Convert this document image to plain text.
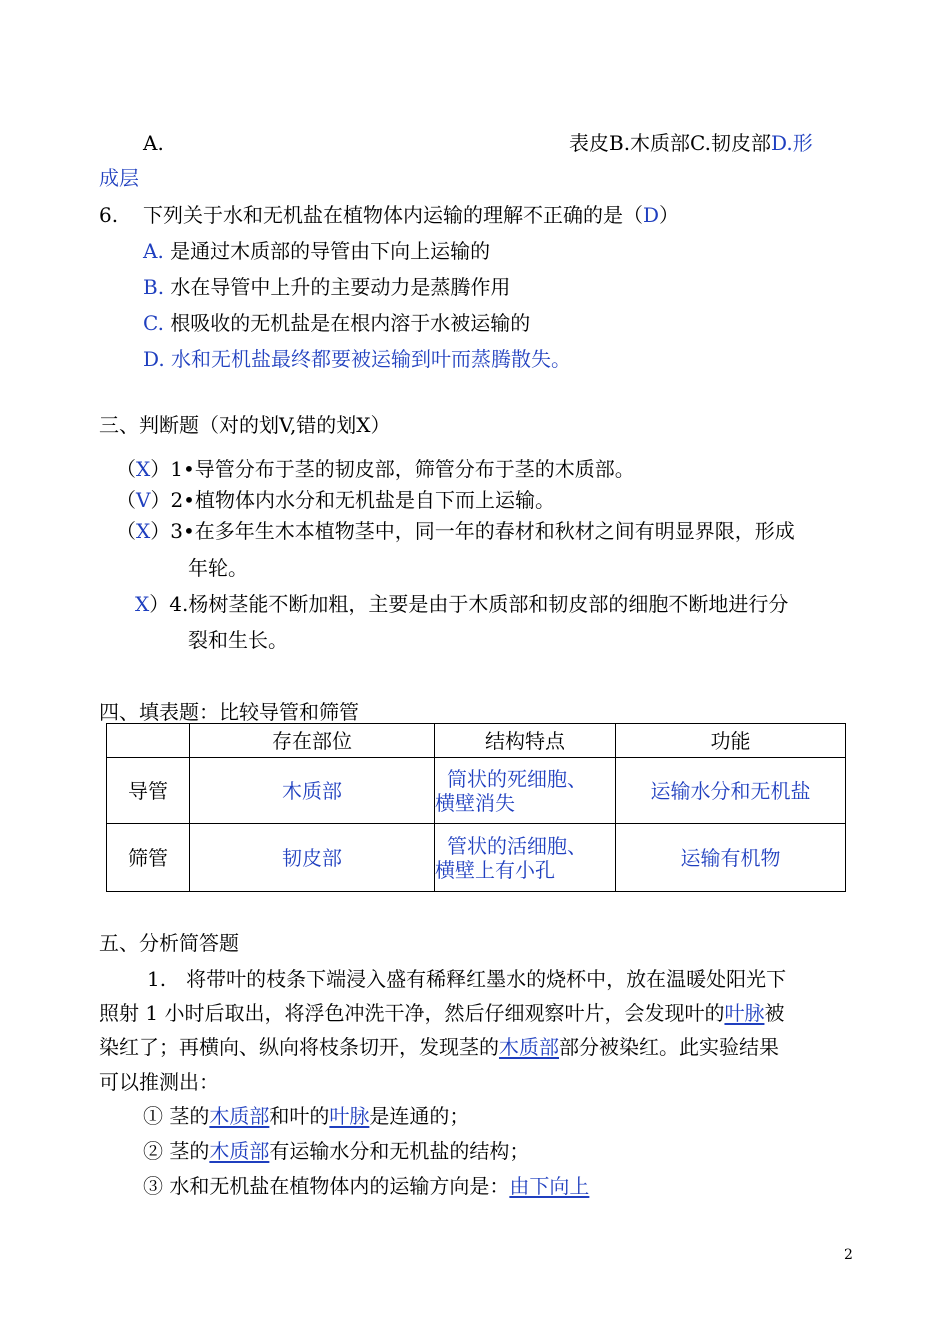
A.	表皮B.木质部C.韧皮部D.形
成层
6. 下列关于水和无机盐在植物体内运输的理解不正确的是（D）
A. 是通过木质部的导管由下向上运输的
B. 水在导管中上升的主要动力是蒸腾作用
C. 根吸收的无机盐是在根内溶于水被运输的
D. 水和无机盐最终都要被运输到叶而蒸腾散失。
三、判断题（对的划V,错的划X）
（X）1•导管分布于茎的韧皮部，筛管分布于茎的木质部。
（V）2•植物体内水分和无机盐是自下而上运输。
（X）3•在多年生木本植物茎中，同一年的春材和秋材之间有明显界限，形成
年轮。
X）4.杨树茎能不断加粗，主要是由于木质部和韧皮部的细胞不断地进行分
裂和生长。
四、填表题：比较导管和筛管
	存在部位	结构特点	功能
导管	木质部	筒状的死细胞、
横壁消失	运输水分和无机盐
筛管	韧皮部	管状的活细胞、
横壁上有小孔	运输有机物
五、分析简答题
1.　将带叶的枝条下端浸入盛有稀释红墨水的烧杯中，放在温暖处阳光下
照射 1 小时后取出，将浮色冲洗干净，然后仔细观察叶片，会发现叶的叶脉被
染红了；再横向、纵向将枝条切开，发现茎的木质部部分被染红。此实验结果
可以推测出：
① 茎的木质部和叶的叶脉是连通的；
② 茎的木质部有运输水分和无机盐的结构；
③ 水和无机盐在植物体内的运输方向是：由下向上
2
